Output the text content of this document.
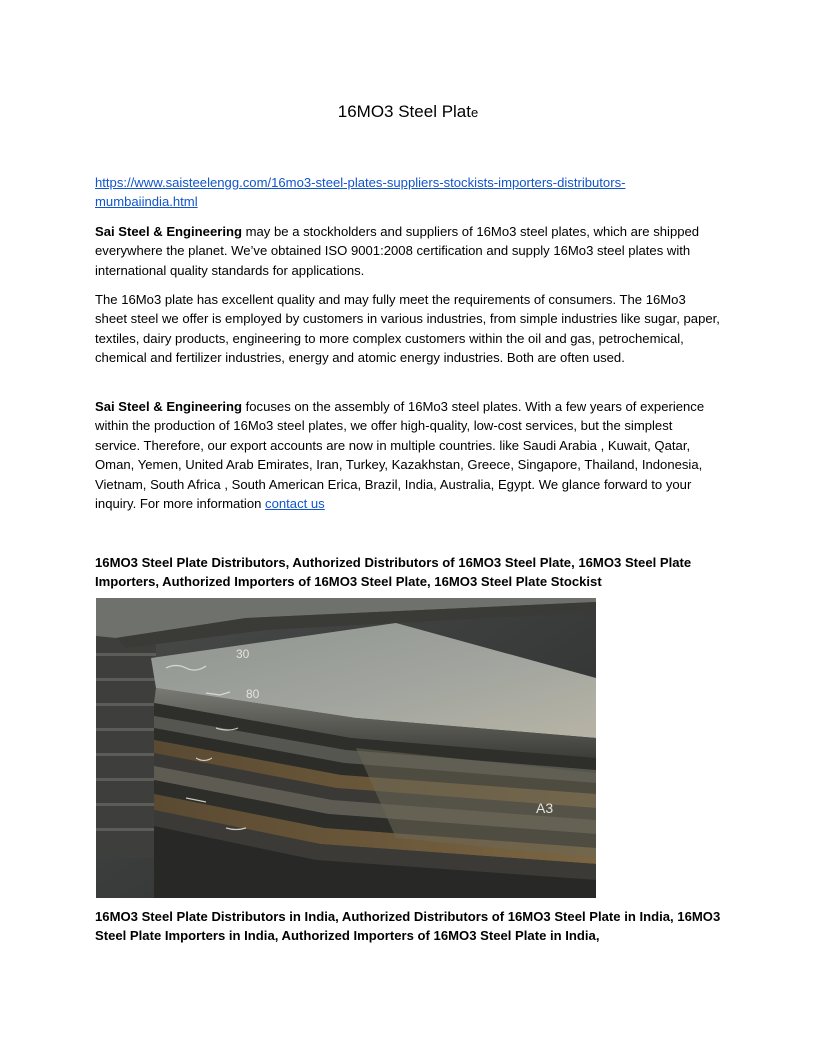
16MO3 Steel Plate
https://www.saisteelengg.com/16mo3-steel-plates-suppliers-stockists-importers-distributors-
mumbaiindia.html
Sai Steel & Engineering may be a stockholders and suppliers of 16Mo3 steel plates, which are shipped everywhere the planet. We’ve obtained ISO 9001:2008 certification and supply 16Mo3 steel plates with international quality standards for applications.
The 16Mo3 plate has excellent quality and may fully meet the requirements of consumers. The 16Mo3 sheet steel we offer is employed by customers in various industries, from simple industries like sugar, paper, textiles, dairy products, engineering to more complex customers within the oil and gas, petrochemical, chemical and fertilizer industries, energy and atomic energy industries. Both are often used.
Sai Steel & Engineering focuses on the assembly of 16Mo3 steel plates. With a few years of experience within the production of 16Mo3 steel plates, we offer high-quality, low-cost services, but the simplest service. Therefore, our export accounts are now in multiple countries. like Saudi Arabia , Kuwait, Qatar, Oman, Yemen, United Arab Emirates, Iran, Turkey, Kazakhstan, Greece, Singapore, Thailand, Indonesia, Vietnam, South Africa , South American Erica, Brazil, India, Australia, Egypt. We glance forward to your inquiry. For more information contact us
16MO3 Steel Plate Distributors, Authorized Distributors of 16MO3 Steel Plate, 16MO3 Steel Plate Importers, Authorized Importers of 16MO3 Steel Plate, 16MO3 Steel Plate Stockist
30
80
A3
16MO3 Steel Plate Distributors in India, Authorized Distributors of 16MO3 Steel Plate in India, 16MO3 Steel Plate Importers in India, Authorized Importers of 16MO3 Steel Plate in India,
